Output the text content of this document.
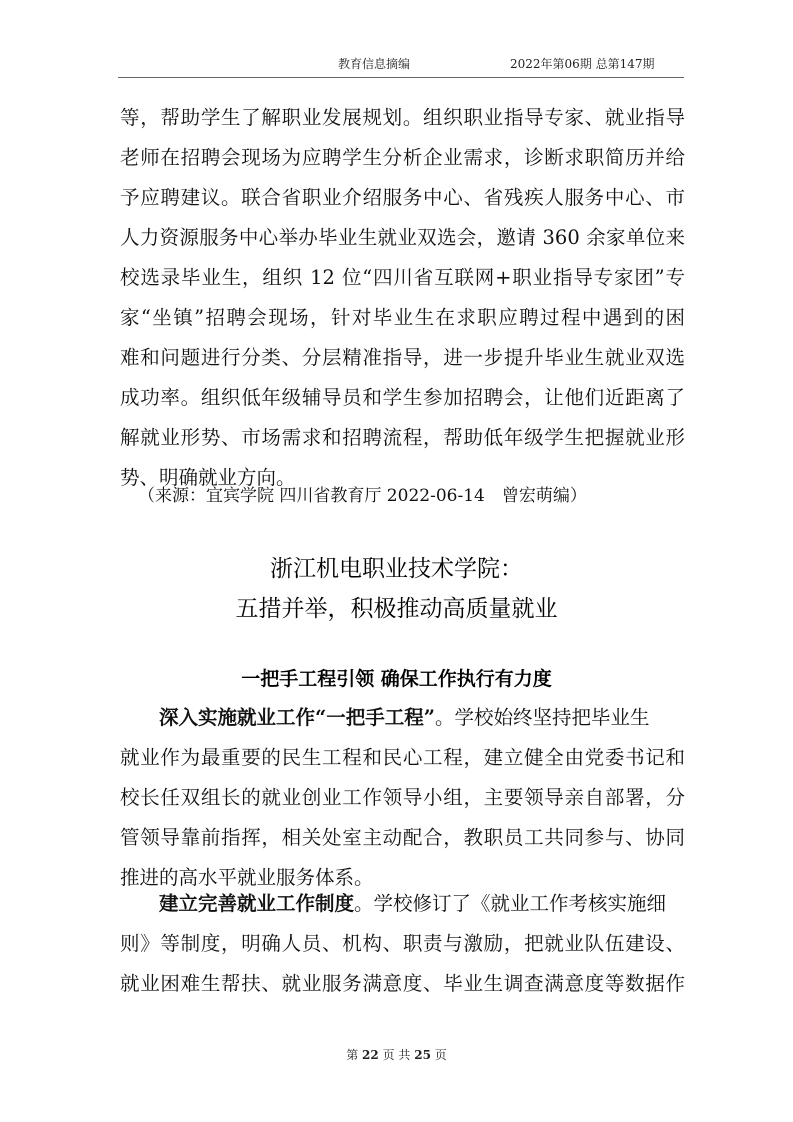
教育信息摘编	2022年第06期 总第147期
等，帮助学生了解职业发展规划。组织职业指导专家、就业指导
老师在招聘会现场为应聘学生分析企业需求，诊断求职简历并给
予应聘建议。联合省职业介绍服务中心、省残疾人服务中心、市
人力资源服务中心举办毕业生就业双选会，邀请 360 余家单位来
校选录毕业生，组织 12 位“四川省互联网+职业指导专家团”专
家“坐镇”招聘会现场，针对毕业生在求职应聘过程中遇到的困
难和问题进行分类、分层精准指导，进一步提升毕业生就业双选
成功率。组织低年级辅导员和学生参加招聘会，让他们近距离了
解就业形势、市场需求和招聘流程，帮助低年级学生把握就业形
势、明确就业方向。
（来源：宜宾学院 四川省教育厅 2022-06-14　曾宏萌编）
浙江机电职业技术学院：
五措并举，积极推动高质量就业
一把手工程引领 确保工作执行有力度
深入实施就业工作“一把手工程”。学校始终坚持把毕业生
就业作为最重要的民生工程和民心工程，建立健全由党委书记和
校长任双组长的就业创业工作领导小组，主要领导亲自部署，分
管领导靠前指挥，相关处室主动配合，教职员工共同参与、协同
推进的高水平就业服务体系。
建立完善就业工作制度。学校修订了《就业工作考核实施细
则》等制度，明确人员、机构、职责与激励，把就业队伍建设、
就业困难生帮扶、就业服务满意度、毕业生调查满意度等数据作
第 22 页 共 25 页
